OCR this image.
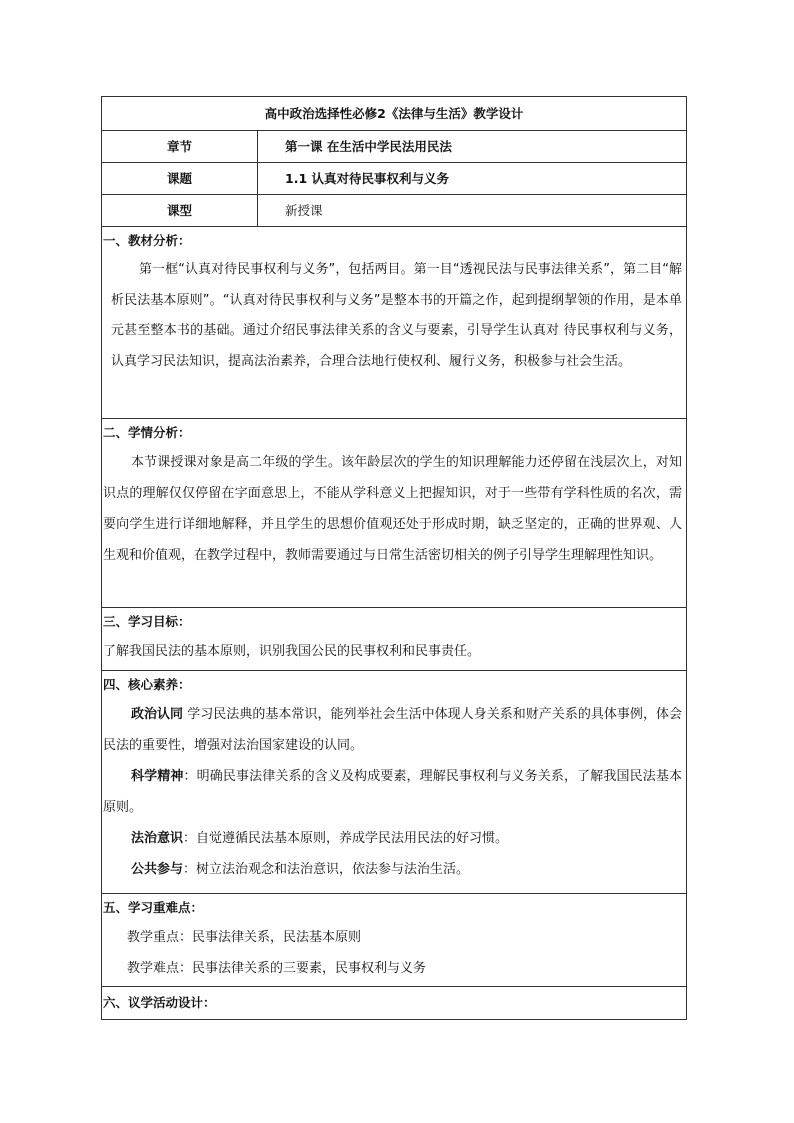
高中政治选择性必修2《法律与生活》教学设计
章节	第一课 在生活中学民法用民法
课题	1.1 认真对待民事权利与义务
课型	新授课
一、教材分析：

第一框“认真对待民事权利与义务”，包括两目。第一目“透视民法与民事法律关系”，第二目“解析民法基本原则”。“认真对待民事权利与义务”是整本书的开篇之作，起到提纲挈领的作用，是本单元甚至整本书的基础。通过介绍民事法律关系的含义与要素，引导学生认真对 待民事权利与义务，认真学习民法知识，提高法治素养，合理合法地行使权利、履行义务，积极参与社会生活。

二、学情分析：

本节课授课对象是高二年级的学生。该年龄层次的学生的知识理解能力还停留在浅层次上，对知识点的理解仅仅停留在字面意思上，不能从学科意义上把握知识，对于一些带有学科性质的名次，需要向学生进行详细地解释，并且学生的思想价值观还处于形成时期，缺乏坚定的，正确的世界观、人生观和价值观，在教学过程中，教师需要通过与日常生活密切相关的例子引导学生理解理性知识。

三、学习目标：

了解我国民法的基本原则，识别我国公民的民事权利和民事责任。

四、核心素养：

政治认同 学习民法典的基本常识，能列举社会生活中体现人身关系和财产关系的具体事例，体会民法的重要性，增强对法治国家建设的认同。

科学精神：明确民事法律关系的含义及构成要素，理解民事权利与义务关系，了解我国民法基本原则。

法治意识：自觉遵循民法基本原则，养成学民法用民法的好习惯。

公共参与：树立法治观念和法治意识，依法参与法治生活。

五、学习重难点：

教学重点：民事法律关系，民法基本原则

教学难点：民事法律关系的三要素，民事权利与义务

六、议学活动设计：
